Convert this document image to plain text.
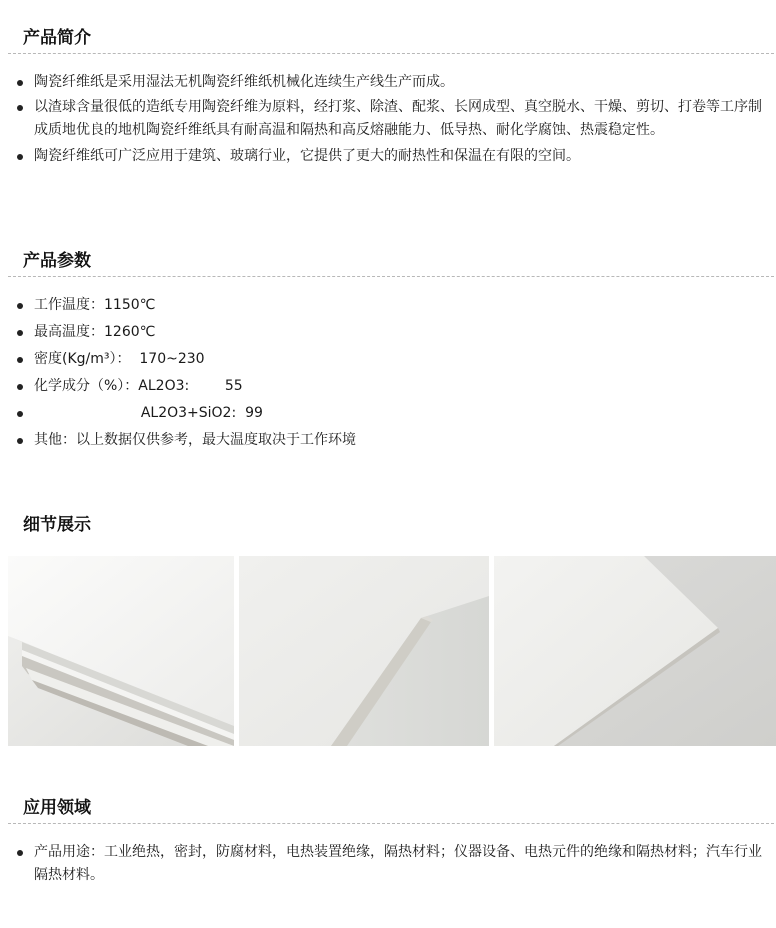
产品简介
陶瓷纤维纸是采用湿法无机陶瓷纤维纸机械化连续生产线生产而成。
以渣球含量很低的造纸专用陶瓷纤维为原料，经打浆、除渣、配浆、长网成型、真空脱水、干燥、剪切、打卷等工序制成质地优良的地机陶瓷纤维纸具有耐高温和隔热和高反熔融能力、低导热、耐化学腐蚀、热震稳定性。
陶瓷纤维纸可广泛应用于建筑、玻璃行业，它提供了更大的耐热性和保温在有限的空间。
产品参数
工作温度：1150℃
最高温度：1260℃
密度(Kg/m³）：  170~230
化学成分（%）：AL2O3:        55
AL2O3+SiO2:  99
其他：以上数据仅供参考，最大温度取决于工作环境
细节展示
应用领域
产品用途：工业绝热，密封，防腐材料，电热装置绝缘，隔热材料；仪器设备、电热元件的绝缘和隔热材料；汽车行业隔热材料。
